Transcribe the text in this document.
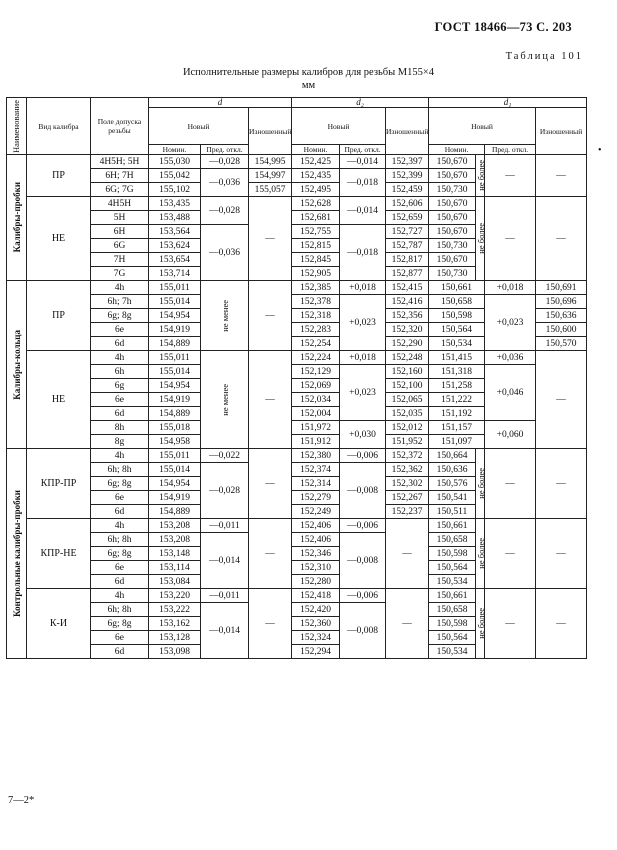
ГОСТ 18466—73 С. 203
Таблица 101
Исполнительные размеры калибров для резьбы М155×4
мм
•
Наименование	Вид калибра	Поле допуска резьбы	d			d₂			d₁			
			Новый		Изношенный	Новый		Изношенный	Новый			Изношенный
			Номин.	Пред. откл.		Номин.	Пред. откл.		Номин.		Пред. откл.	

Калибры-пробки	ПР	4H5H; 5H	155,030	—0,028	154,995	152,425	—0,014	152,397	150,670	не более	—	—
		6H; 7H	155,042	—0,036	154,997	152,435	—0,018	152,399	150,670			
		6G; 7G	155,102		155,057	152,495		152,459	150,730			
	НЕ	4H5H	153,435	—0,028	—	152,628	—0,014	152,606	150,670	не более	—	—
		5H	153,488			152,681		152,659	150,670			
		6H	153,564	—0,036		152,755	—0,018	152,727	150,670			
		6G	153,624			152,815		152,787	150,730			
		7H	153,654			152,845		152,817	150,670			
		7G	153,714			152,905		152,877	150,730			

Калибры-кольца	ПР	4h	155,011	не менее	—	152,385	+0,018	152,415	150,661		+0,018	150,691
		6h; 7h	155,014			152,378	+0,023	152,416	150,658		+0,023	150,696
		6g; 8g	154,954			152,318		152,356	150,598			150,636
		6e	154,919			152,283		152,320	150,564			150,600
		6d	154,889			152,254		152,290	150,534			150,570
	НЕ	4h	155,011	не менее	—	152,224	+0,018	152,248	151,415		+0,036	—
		6h	155,014			152,129	+0,023	152,160	151,318		+0,046	
		6g	154,954			152,069		152,100	151,258			
		6e	154,919			152,034		152,065	151,222			
		6d	154,889			152,004		152,035	151,192			
		8h	155,018			151,972	+0,030	152,012	151,157		+0,060	
		8g	154,958			151,912		151,952	151,097			

Контрольные калибры-пробки	КПР-ПР	4h	155,011	—0,022	—	152,380	—0,006	152,372	150,664	не более	—	—
		6h; 8h	155,014	—0,028		152,374	—0,008	152,362	150,636			
		6g; 8g	154,954			152,314		152,302	150,576			
		6e	154,919			152,279		152,267	150,541			
		6d	154,889			152,249		152,237	150,511			
	КПР-НЕ	4h	153,208	—0,011	—	152,406	—0,006	—	150,661	не более	—	—
		6h; 8h	153,208	—0,014		152,406	—0,008		150,658			
		6g; 8g	153,148			152,346			150,598			
		6e	153,114			152,310			150,564			
		6d	153,084			152,280			150,534			
	К-И	4h	153,220	—0,011	—	152,418	—0,006	—	150,661	не более	—	—
		6h; 8h	153,222	—0,014		152,420	—0,008		150,658			
		6g; 8g	153,162			152,360			150,598			
		6e	153,128			152,324			150,564			
		6d	153,098			152,294			150,534			
7—2*
